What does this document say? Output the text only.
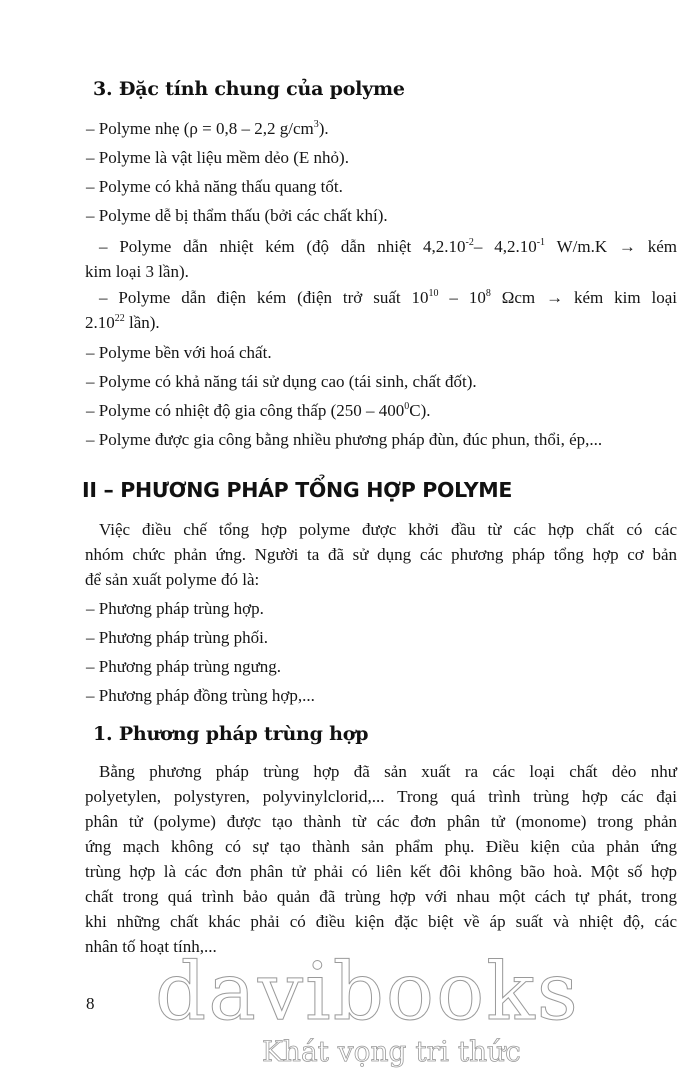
3. Đặc tính chung của polyme
– Polyme nhẹ (ρ = 0,8 – 2,2 $g/cm^3$).
– Polyme là vật liệu mềm dẻo (E nhỏ).
– Polyme có khả năng thấu quang tốt.
– Polyme dễ bị thẩm thấu (bởi các chất khí).
– Polyme dẫn nhiệt kém (độ dẫn nhiệt $4,2.10^{-2}-$ $4,2.10^{-1}$ W/m.K → kém
kim loại 3 lần).
– Polyme dẫn điện kém (điện trở suất $10^{10} - 10^8$ Ωcm → kém kim loại
2.10$^{22}$ lần).
– Polyme bền với hoá chất.
– Polyme có khả năng tái sử dụng cao (tái sinh, chất đốt).
– Polyme có nhiệt độ gia công thấp $(250 - 400^0C)$.
– Polyme được gia công bằng nhiều phương pháp đùn, đúc phun, thổi, ép,...
II – PHƯƠNG PHÁP TỔNG HỢP POLYME
Việc điều chế tổng hợp polyme được khởi đầu từ các hợp chất có các
nhóm chức phản ứng. Người ta đã sử dụng các phương pháp tổng hợp cơ bản
để sản xuất polyme đó là:
– Phương pháp trùng hợp.
– Phương pháp trùng phối.
– Phương pháp trùng ngưng.
– Phương pháp đồng trùng hợp,...
1. Phương pháp trùng hợp
Bằng phương pháp trùng hợp đã sản xuất ra các loại chất dẻo như
polyetylen, polystyren, polyvinylclorid,... Trong quá trình trùng hợp các đại
phân tử (polyme) được tạo thành từ các đơn phân tử (monome) trong phản
ứng mạch không có sự tạo thành sản phẩm phụ. Điều kiện của phản ứng
trùng hợp là các đơn phân tử phải có liên kết đôi không bão hoà. Một số hợp
chất trong quá trình bảo quản đã trùng hợp với nhau một cách tự phát, trong
khi những chất khác phải có điều kiện đặc biệt về áp suất và nhiệt độ, các
nhân tố hoạt tính,...
davibooks
Khát vọng tri thức
8
